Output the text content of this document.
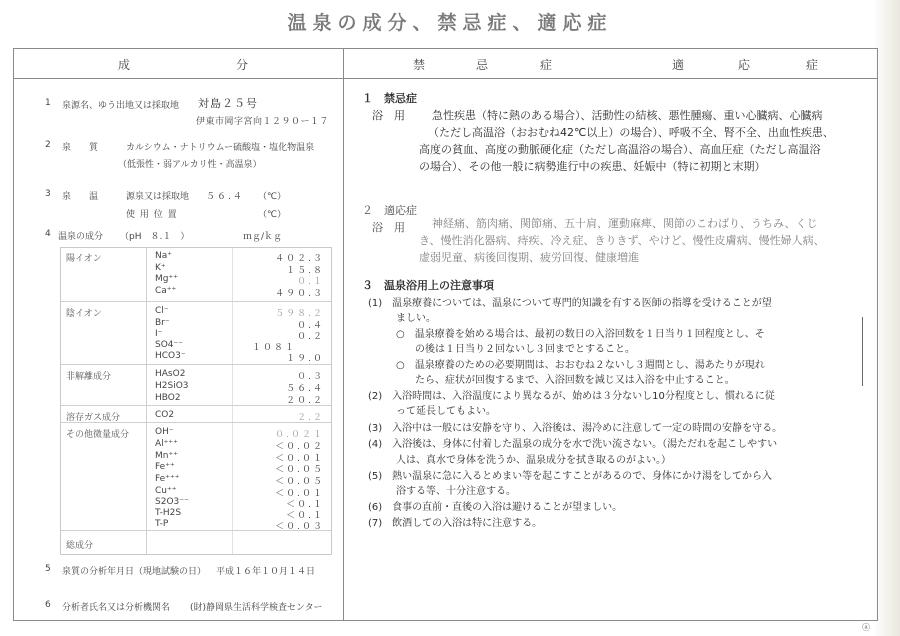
温泉の成分、禁忌症、適応症
成	分	禁	忌	症	適	応	症
1 泉源名、ゆう出地又は採取地 対島２５号
伊東市岡字宮向１２９０ー１７
2 泉　　質	カルシウム・ナトリウムー硫酸塩・塩化物温泉
（低張性・弱アルカリ性・高温泉）
3 泉　　温	源泉又は採取地 ５６.４ （℃）
使 用 位 置	（℃）
4 温泉の成分 （pH　８.１　）	ｍｇ/ｋｇ
陽イオン	Na⁺	４０２.３
K⁺	１５.８
Mg⁺⁺	０.１
Ca⁺⁺	４９０.３
陰イオン	Cl⁻	５９８.２
Br⁻	０.４
I⁻	０.２
SO4⁻⁻	１０８１
HCO3⁻	１９.０
非解離成分	HAsO2	０.３
H2SiO3	５６.４
HBO2	２０.２
溶存ガス成分	CO2	２.２
その他微量成分	OH⁻	０.０２１
Al⁺⁺⁺	＜０.０２
Mn⁺⁺	＜０.０１
Fe⁺⁺	＜０.０５
Fe⁺⁺⁺	＜０.０５
Cu⁺⁺	＜０.０１
S2O3⁻⁻	＜０.１
T-H2S	＜０.１
T-P	＜０.０３
総成分
5 泉質の分析年月日（現地試験の日） 平成１６年１０月１４日
6 分析者氏名又は分析機関名 (財)静岡県生活科学検査センター
１　禁忌症
浴　用 急性疾患（特に熱のある場合）、活動性の結核、悪性腫瘍、重い心臓病、心臓病
（ただし高温浴（おおむね42℃以上）の場合）、呼吸不全、腎不全、出血性疾患、
高度の貧血、高度の動脈硬化症（ただし高温浴の場合）、高血圧症（ただし高温浴
の場合）、その他一般に病勢進行中の疾患、妊娠中（特に初期と末期）
２　適応症
浴　用 神経痛、筋肉痛、関節痛、五十肩、運動麻痺、関節のこわばり、うちみ、くじ
き、慢性消化器病、痔疾、冷え症、きりきず、やけど、慢性皮膚病、慢性婦人病、
虚弱児童、病後回復期、疲労回復、健康増進
３　温泉浴用上の注意事項
(1)　温泉療養については、温泉について専門的知識を有する医師の指導を受けることが望
ましい。
○　温泉療養を始める場合は、最初の数日の入浴回数を１日当り１回程度とし、そ
の後は１日当り２回ないし３回までとすること。
○　温泉療養のための必要期間は、おおむね２ないし３週間とし、湯あたりが現れ
たら、症状が回復するまで、入浴回数を減じ又は入浴を中止すること。
(2)　入浴時間は、入浴温度により異なるが、始めは３分ないし10分程度とし、慣れるに従
って延長してもよい。
(3)　入浴中は一般には安静を守り、入浴後は、湯冷めに注意して一定の時間の安静を守る。
(4)　入浴後は、身体に付着した温泉の成分を水で洗い流さない。（湯ただれを起こしやすい
人は、真水で身体を洗うか、温泉成分を拭き取るのがよい。）
(5)　熱い温泉に急に入るとめまい等を起こすことがあるので、身体にかけ湯をしてから入
浴する等、十分注意する。
(6)　食事の直前・直後の入浴は避けることが望ましい。
(7)　飲酒しての入浴は特に注意する。
ⓐ
